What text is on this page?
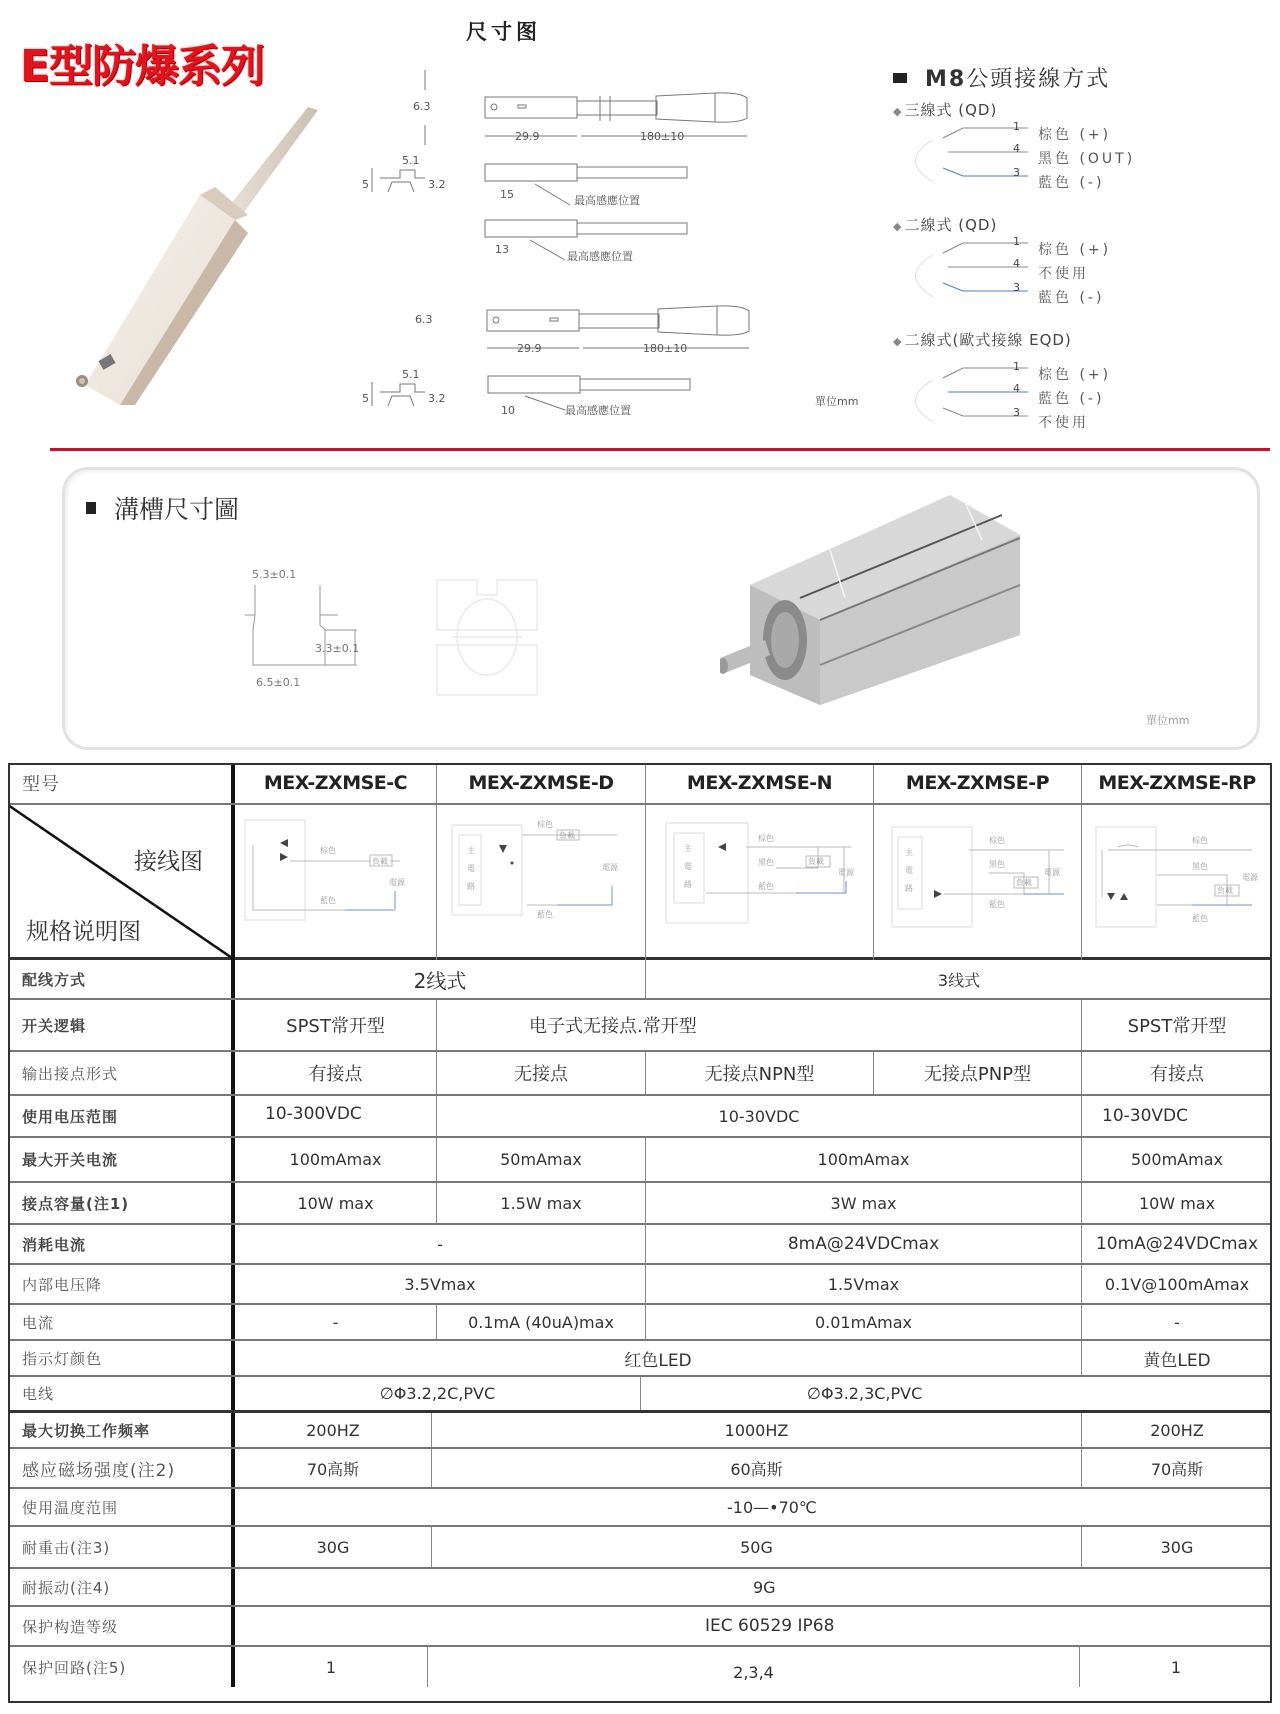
E型防爆系列
尺寸图
6.3
29.9	180±10
5.1
5	3.2
15	最高感應位置
13
最高感應位置
6.3
29.9	180±10
5.1
5	3.2
10	最高感應位置
單位mm
M8公頭接線方式
◆ 三線式 (QD)
1
4
3
棕色 (+)
黑色 (OUT)
藍色 (-)
◆ 二線式 (QD)
1
4
3
棕色 (+)
不使用
藍色 (-)
◆ 二線式(歐式接線 EQD)
1
4
3
棕色 (+)
藍色 (-)
不使用
溝槽尺寸圖
5.3±0.1
3.3±0.1
6.5±0.1
單位mm
型号	MEX-ZXMSE-C	MEX-ZXMSE-D	MEX-ZXMSE-N	MEX-ZXMSE-P	MEX-ZXMSE-RP
接线图
规格说明图
棕色
負載
電源
藍色
主
電
路
棕色
負載
電源
藍色
主
電
路
棕色
黑色	負載
電源
藍色
主
電
路
棕色
黑色
負載
電源
藍色
棕色
黑色
負載
電源
藍色
配线方式	2线式	3线式
开关逻辑	SPST常开型	电子式无接点.常开型	SPST常开型
输出接点形式	有接点	无接点	无接点NPN型	无接点PNP型	有接点
使用电压范围	10-300VDC	10-30VDC	10-30VDC
最大开关电流	100mAmax	50mAmax	100mAmax	500mAmax
接点容量(注1)	10W max	1.5W max	3W max	10W max
消耗电流	-	8mA@24VDCmax	10mA@24VDCmax
内部电压降	3.5Vmax	1.5Vmax	0.1V@100mAmax
电流	-	0.1mA (40uA)max	0.01mAmax	-
指示灯颜色	红色LED	黄色LED
电线	∅Φ3.2,2C,PVC	∅Φ3.2,3C,PVC
最大切换工作频率	200HZ	1000HZ	200HZ
感应磁场强度(注2)	70高斯	60高斯	70高斯
使用温度范围	-10—•70℃
耐重击(注3)	30G	50G	30G
耐振动(注4)	9G
保护构造等级	IEC 60529 IP68
保护回路(注5)	1	2,3,4	1
